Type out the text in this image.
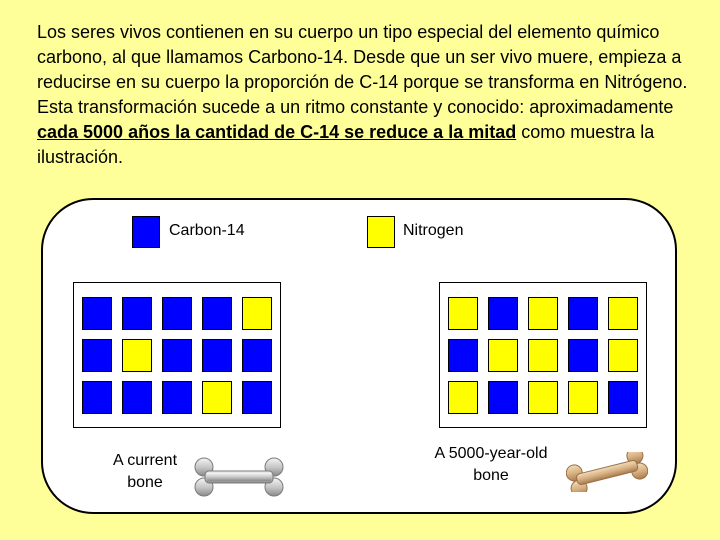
Los seres vivos contienen en su cuerpo un tipo especial del elemento químico carbono, al que llamamos Carbono-14. Desde que un ser vivo muere, empieza a reducirse en su cuerpo la proporción de C-14 porque se transforma en Nitrógeno. Esta transformación sucede a un ritmo constante y conocido: aproximadamente cada 5000 años la cantidad de C-14 se reduce a la mitad como muestra la ilustración.

Carbon-14	Nitrogen
A current
bone
A 5000-year-old
bone
